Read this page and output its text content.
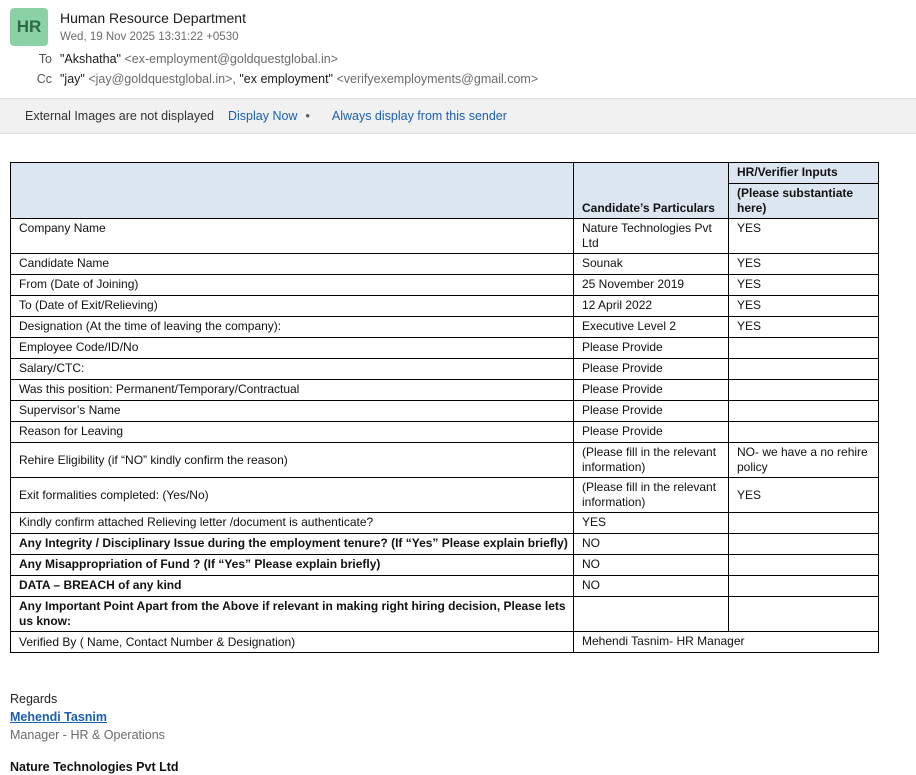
HR	Human Resource Department
Wed, 19 Nov 2025 13:31:22 +0530
To "Akshatha" <ex-employment@goldquestglobal.in>
Cc "jay" <jay@goldquestglobal.in>, "ex employment" <verifyexemployments@gmail.com>
External Images are not displayed Display Now • Always display from this sender
	Candidate’s Particulars	HR/Verifier Inputs
		(Please substantiate here)
Company Name	Nature Technologies Pvt Ltd	YES
Candidate Name	Sounak	YES
From (Date of Joining)	25 November 2019	YES
To (Date of Exit/Relieving)	12 April 2022	YES
Designation (At the time of leaving the company):	Executive Level 2	YES
Employee Code/ID/No	Please Provide	
Salary/CTC:	Please Provide	
Was this position: Permanent/Temporary/Contractual	Please Provide	
Supervisor’s Name	Please Provide	
Reason for Leaving	Please Provide	
Rehire Eligibility (if “NO” kindly confirm the reason)	(Please fill in the relevant information)	NO- we have a no rehire policy
Exit formalities completed: (Yes/No)	(Please fill in the relevant information)	YES
Kindly confirm attached Relieving letter /document is authenticate?	YES	
Any Integrity / Disciplinary Issue during the employment tenure? (If “Yes” Please explain briefly)	NO	
Any Misappropriation of Fund ? (If “Yes” Please explain briefly)	NO	
DATA – BREACH of any kind	NO	
Any Important Point Apart from the Above if relevant in making right hiring decision, Please lets us know:		
Verified By ( Name, Contact Number & Designation)	Mehendi Tasnim- HR Manager	
Regards
Mehendi Tasnim
Manager - HR & Operations
Nature Technologies Pvt Ltd
